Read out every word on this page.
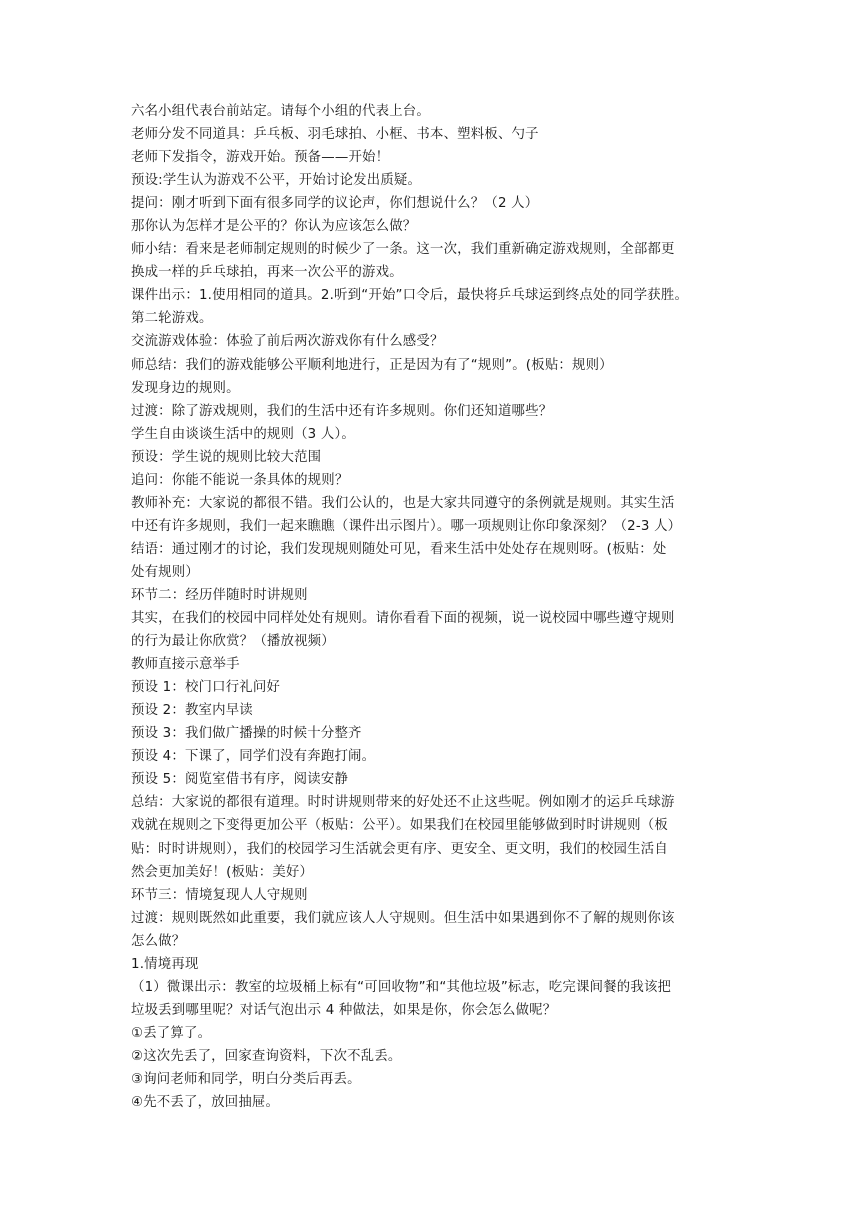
六名小组代表台前站定。请每个小组的代表上台。

老师分发不同道具：乒乓板、羽毛球拍、小框、书本、塑料板、勺子

老师下发指令，游戏开始。预备——开始！

预设:学生认为游戏不公平，开始讨论发出质疑。

提问：刚才听到下面有很多同学的议论声，你们想说什么？（2 人）

那你认为怎样才是公平的？你认为应该怎么做？

师小结：看来是老师制定规则的时候少了一条。这一次，我们重新确定游戏规则，全部都更

换成一样的乒乓球拍，再来一次公平的游戏。

课件出示：1.使用相同的道具。2.听到“开始”口令后，最快将乒乓球运到终点处的同学获胜。

第二轮游戏。

交流游戏体验：体验了前后两次游戏你有什么感受？

师总结：我们的游戏能够公平顺利地进行，正是因为有了“规则”。(板贴：规则）

发现身边的规则。

过渡：除了游戏规则，我们的生活中还有许多规则。你们还知道哪些？

学生自由谈谈生活中的规则（3 人）。

预设：学生说的规则比较大范围

追问：你能不能说一条具体的规则？

教师补充：大家说的都很不错。我们公认的，也是大家共同遵守的条例就是规则。其实生活

中还有许多规则，我们一起来瞧瞧（课件出示图片）。哪一项规则让你印象深刻？（2-3 人）

结语：通过刚才的讨论，我们发现规则随处可见，看来生活中处处存在规则呀。(板贴：处

处有规则）

环节二：经历伴随时时讲规则

其实，在我们的校园中同样处处有规则。请你看看下面的视频，说一说校园中哪些遵守规则

的行为最让你欣赏？（播放视频）

教师直接示意举手

预设 1：校门口行礼问好

预设 2：教室内早读

预设 3：我们做广播操的时候十分整齐

预设 4：下课了，同学们没有奔跑打闹。

预设 5：阅览室借书有序，阅读安静

总结：大家说的都很有道理。时时讲规则带来的好处还不止这些呢。例如刚才的运乒乓球游

戏就在规则之下变得更加公平（板贴：公平）。如果我们在校园里能够做到时时讲规则（板

贴：时时讲规则），我们的校园学习生活就会更有序、更安全、更文明，我们的校园生活自

然会更加美好！(板贴：美好）

环节三：情境复现人人守规则

过渡：规则既然如此重要，我们就应该人人守规则。但生活中如果遇到你不了解的规则你该

怎么做？

1.情境再现

（1）微课出示：教室的垃圾桶上标有“可回收物”和“其他垃圾”标志，吃完课间餐的我该把

垃圾丢到哪里呢？对话气泡出示 4 种做法，如果是你，你会怎么做呢？

①丢了算了。

②这次先丢了，回家查询资料，下次不乱丢。

③询问老师和同学，明白分类后再丢。

④先不丢了，放回抽屉。
